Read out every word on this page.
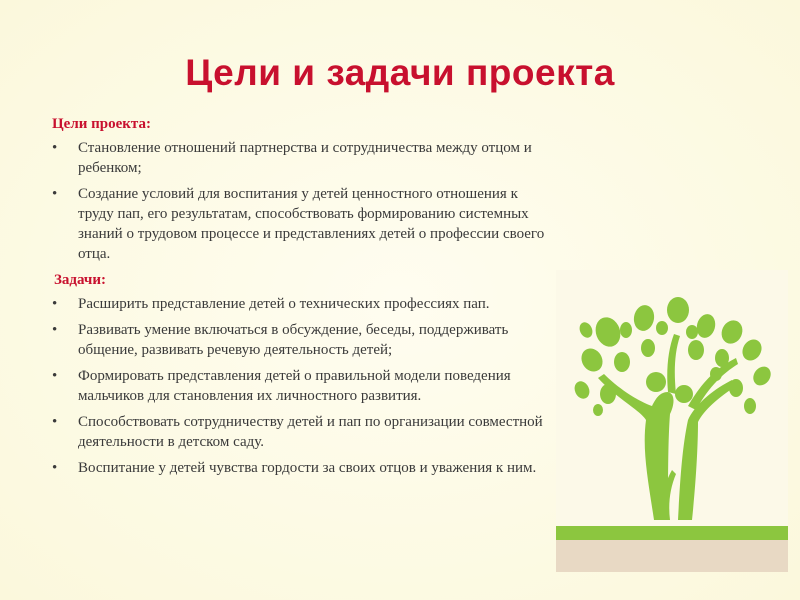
Цели и задачи проекта
Цели проекта:
• Становление отношений партнерства и сотрудничества между отцом и ребенком;
• Создание условий для воспитания у детей ценностного отношения к труду пап, его результатам, способствовать формированию системных знаний о трудовом процессе и представлениях детей о профессии своего отца.
Задачи:
• Расширить представление детей о технических профессиях пап.
• Развивать умение включаться в обсуждение, беседы, поддерживать общение, развивать речевую деятельность детей;
• Формировать представления детей о правильной модели поведения мальчиков для становления их личностного развития.
• Способствовать сотрудничеству детей и пап по организации совместной деятельности в детском саду.
• Воспитание у детей чувства гордости за своих отцов и уважения к ним.
